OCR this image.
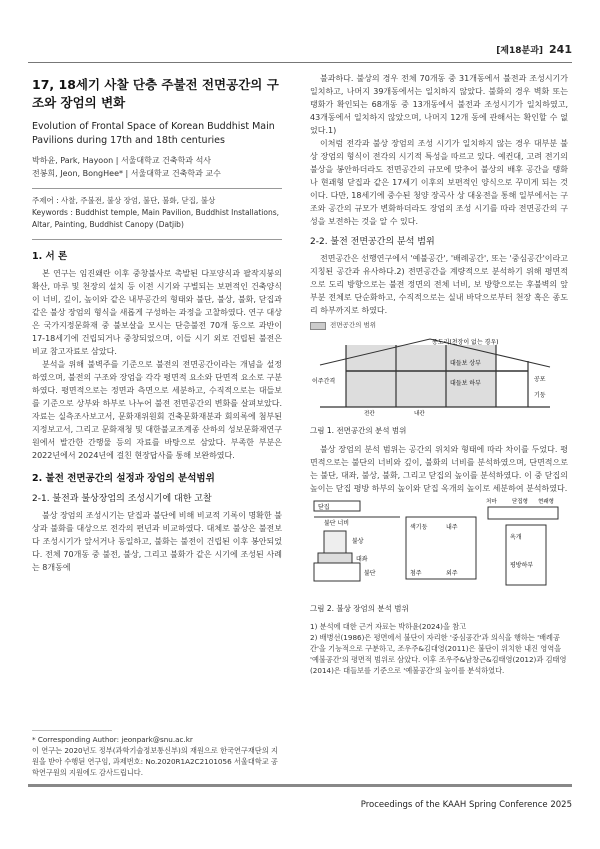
[제18분과] 241
17, 18세기 사찰 단층 주불전 전면공간의 구조와 장엄의 변화
Evolution of Frontal Space of Korean Buddhist Main Pavilions during 17th and 18th centuries
박하윤, Park, Hayoon | 서울대학교 건축학과 석사
전봉희, Jeon, BongHee* | 서울대학교 건축학과 교수
주제어 : 사찰, 주불전, 불상 장엄, 불단, 불화, 닫집, 불상
Keywords : Buddhist temple, Main Pavilion, Buddhist Installations, Altar, Painting, Buddhist Canopy (Datjib)
1. 서 론

본 연구는 임진왜란 이후 중창불사로 촉발된 다포양식과 팔작지붕의 확산, 마루 및 천장의 설치 등 이전 시기와 구별되는 보편적인 건축양식이 너비, 깊이, 높이와 같은 내부공간의 형태와 불단, 불상, 불화, 닫집과 같은 불상 장엄의 형식을 새롭게 구성하는 과정을 고찰하였다. 연구 대상은 국가지정문화재 중 불보살을 모시는 단층불전 70개 동으로 과반이 17-18세기에 건립되거나 중창되었으며, 이들 시기 외로 건립된 불전은 비교 참고자료로 삼았다.

분석을 위해 불벽주를 기준으로 불전의 전면공간이라는 개념을 설정하였으며, 불전의 구조와 장엄을 각각 평면적 요소와 단면적 요소로 구분하였다. 평면적으로는 정면과 측면으로 세분하고, 수직적으로는 대들보를 기준으로 상부와 하부로 나누어 불전 전면공간의 변화를 살펴보았다. 자료는 실측조사보고서, 문화재위원회 건축문화재분과 회의록에 첨부된 지정보고서, 그리고 문화재청 및 대한불교조계종 산하의 성보문화재연구원에서 발간한 간행물 등의 자료를 바탕으로 삼았다. 부족한 부분은 2022년에서 2024년에 걸친 현장답사를 통해 보완하였다.

2. 불전 전면공간의 설정과 장엄의 분석범위
2-1. 불전과 불상장엄의 조성시기에 대한 고찰

불상 장엄의 조성시기는 닫집과 불단에 비해 비교적 기록이 명확한 불상과 불화를 대상으로 전각의 편년과 비교하였다. 대체로 불상은 불전보다 조성시기가 앞서거나 동일하고, 불화는 불전이 건립된 이후 봉안되었다. 전체 70개동 중 불전, 불상, 그리고 불화가 같은 시기에 조성된 사례는 8개동에

* Corresponding Author: jeonpark@snu.ac.kr
이 연구는 2020년도 정부(과학기술정보통신부)의 재원으로 한국연구재단의 지원을 받아 수행된 연구임, 과제번호: No.2020R1A2C2101056 서울대학교 공학연구원의 지원에도 감사드립니다.

불과하다. 불상의 경우 전체 70개동 중 31개동에서 불전과 조성시기가 일치하고, 나머지 39개동에서는 일치하지 않았다. 불화의 경우 벽화 또는 탱화가 확인되는 68개동 중 13개동에서 불전과 조성시기가 일치하였고, 43개동에서 일치하지 않았으며, 나머지 12개 동에 관해서는 확인할 수 없었다.1)

이처럼 전각과 불상 장엄의 조성 시기가 일치하지 않는 경우 대부분 불상 장엄의 형식이 전각의 시기적 특성을 따르고 있다. 예컨대, 고려 전기의 불상을 봉안하더라도 전면공간의 규모에 맞추어 불상의 배후 공간을 탱화나 현괘형 닫집과 같은 17세기 이후의 보편적인 양식으로 꾸미게 되는 것이다. 다만, 18세기에 중수된 청양 장곡사 상 대웅전을 통해 일부에서는 구조와 공간의 규모가 변화하더라도 장엄의 조성 시기를 따라 전면공간의 구성을 보전하는 것을 알 수 있다.

2-2. 불전 전면공간의 분석 범위

전면공간은 선행연구에서 '예불공간', '배례공간', 또는 '중심공간'이라고 지칭된 공간과 유사하다.2) 전면공간을 계량적으로 분석하기 위해 평면적으로 도리 방향으로는 불전 정면의 전체 너비, 보 방향으로는 후불벽의 앞부분 전체로 단순화하고, 수직적으로는 실내 바닥으로부터 천장 혹은 종도리 하부까지로 하였다.

전면공간의 범위
종도리(천장이 없는 경우)
대들보 상부
대들보 하부
이주간격	공포
기둥
전칸	내칸
그림 1. 전면공간의 분석 범위

불상 장엄의 분석 범위는 공간의 위치와 형태에 따라 차이를 두었다. 평면적으로는 불단의 너비와 깊이, 불화의 너비를 분석하였으며, 단면적으로는 불단, 대좌, 불상, 불화, 그리고 닫집의 높이를 분석하였다. 이 중 닫집의 높이는 닫집 평방 하부의 높이와 닫집 옥개의 높이로 세분하여 분석하였다.

닫집
불단 너비
불상
대좌
불단
색기둥	내주
첨주	외주
처마	닫집형 현괘형
옥개
평방하부
그림 2. 불상 장엄의 분석 범위
1) 분석에 대한 근거 자료는 박하윤(2024)을 참고
2) 배병선(1986)은 평면에서 불단이 자리한 '중심공간'과 의식을 행하는 '배례공간'을 기능적으로 구분하고, 조우주&김대영(2011)은 불단이 위치한 내진 영역을 '예불공간'의 평면적 범위로 삼았다. 이후 조우주&남창근&김태영(2012)과 김태영(2014)은 대들보를 기준으로 '예불공간'의 높이를 분석하였다.
Proceedings of the KAAH Spring Conference 2025
